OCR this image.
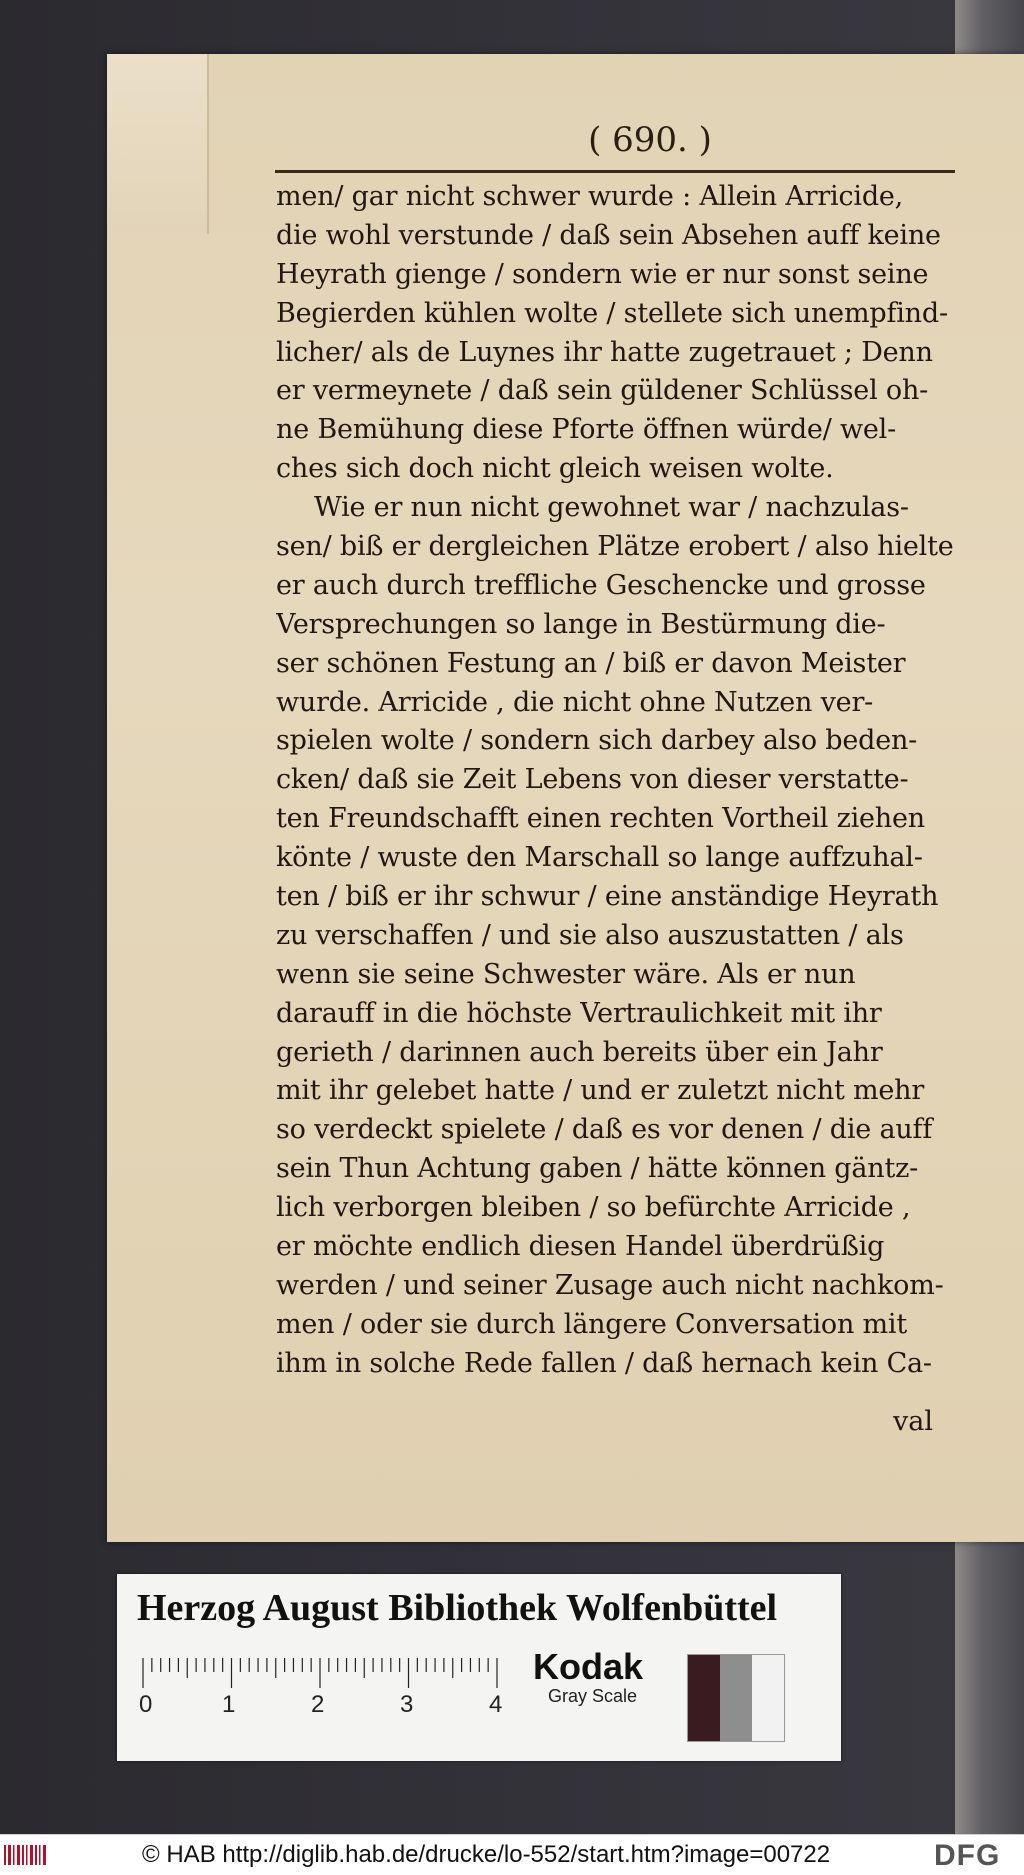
( 690. )
men/ gar nicht schwer wurde : Allein Arricide,
die wohl verstunde / daß sein Absehen auff keine
Heyrath gienge / sondern wie er nur sonst seine
Begierden kühlen wolte / stellete sich unempfind-
licher/ als de Luynes ihr hatte zugetrauet ; Denn
er vermeynete / daß sein güldener Schlüssel oh-
ne Bemühung diese Pforte öffnen würde/ wel-
ches sich doch nicht gleich weisen wolte.
Wie er nun nicht gewohnet war / nachzulas-
sen/ biß er dergleichen Plätze erobert / also hielte
er auch durch treffliche Geschencke und grosse
Versprechungen so lange in Bestürmung die-
ser schönen Festung an / biß er davon Meister
wurde. Arricide , die nicht ohne Nutzen ver-
spielen wolte / sondern sich darbey also beden-
cken/ daß sie Zeit Lebens von dieser verstatte-
ten Freundschafft einen rechten Vortheil ziehen
könte / wuste den Marschall so lange auffzuhal-
ten / biß er ihr schwur / eine anständige Heyrath
zu verschaffen / und sie also auszustatten / als
wenn sie seine Schwester wäre. Als er nun
darauff in die höchste Vertraulichkeit mit ihr
gerieth / darinnen auch bereits über ein Jahr
mit ihr gelebet hatte / und er zuletzt nicht mehr
so verdeckt spielete / daß es vor denen / die auff
sein Thun Achtung gaben / hätte können gäntz-
lich verborgen bleiben / so befürchte Arricide ,
er möchte endlich diesen Handel überdrüßig
werden / und seiner Zusage auch nicht nachkom-
men / oder sie durch längere Conversation mit
ihm in solche Rede fallen / daß hernach kein Ca-
val
Herzog August Bibliothek Wolfenbüttel
0	1	2	3	4
Kodak
Gray Scale
© HAB http://diglib.hab.de/drucke/lo-552/start.htm?image=00722	DFG
